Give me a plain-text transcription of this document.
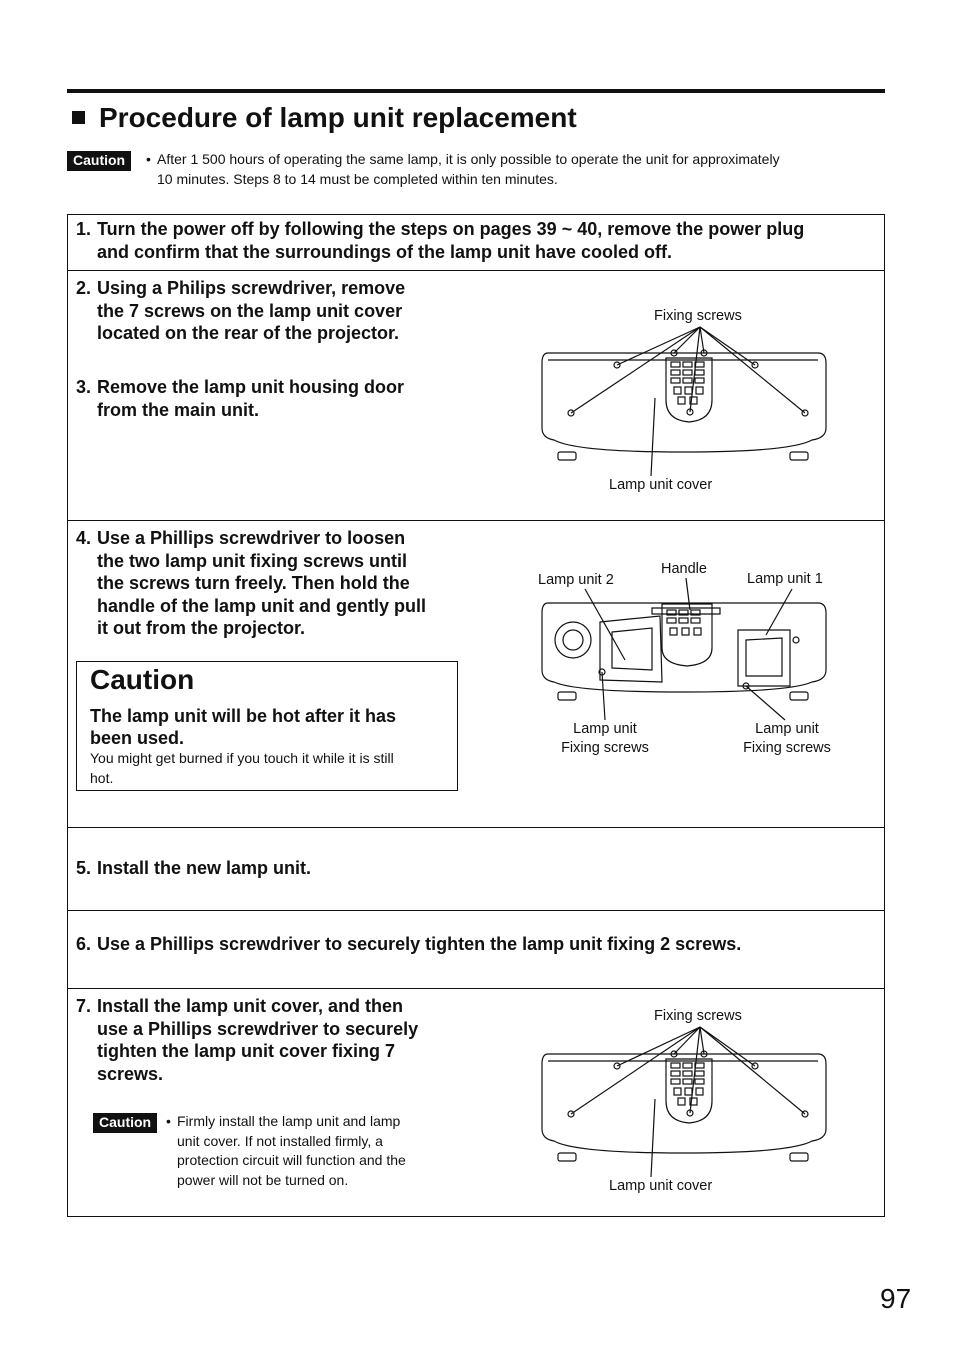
Procedure of lamp unit replacement
Caution	• After 1 500 hours of operating the same lamp, it is only possible to operate the unit for approximately
10 minutes. Steps 8 to 14 must be completed within ten minutes.
1. Turn the power off by following the steps on pages 39 ~ 40, remove the power plug
and confirm that the surroundings of the lamp unit have cooled off.
2. Using a Philips screwdriver, remove
the 7 screws on the lamp unit cover
located on the rear of the projector.
3. Remove the lamp unit housing door
from the main unit.
Fixing screws
Lamp unit cover
4. Use a Phillips screwdriver to loosen
the two lamp unit fixing screws until
the screws turn freely. Then hold the
handle of the lamp unit and gently pull
it out from the projector.
Caution
The lamp unit will be hot after it has
been used.
You might get burned if you touch it while it is still
hot.
Lamp unit 2
Handle
Lamp unit 1
Lamp unit
Fixing screws
Lamp unit
Fixing screws
5. Install the new lamp unit.
6. Use a Phillips screwdriver to securely tighten the lamp unit fixing 2 screws.
7. Install the lamp unit cover, and then
use a Phillips screwdriver to securely
tighten the lamp unit cover fixing 7
screws.
Caution	• Firmly install the lamp unit and lamp
unit cover. If not installed firmly, a
protection circuit will function and the
power will not be turned on.
Fixing screws
Lamp unit cover
97
